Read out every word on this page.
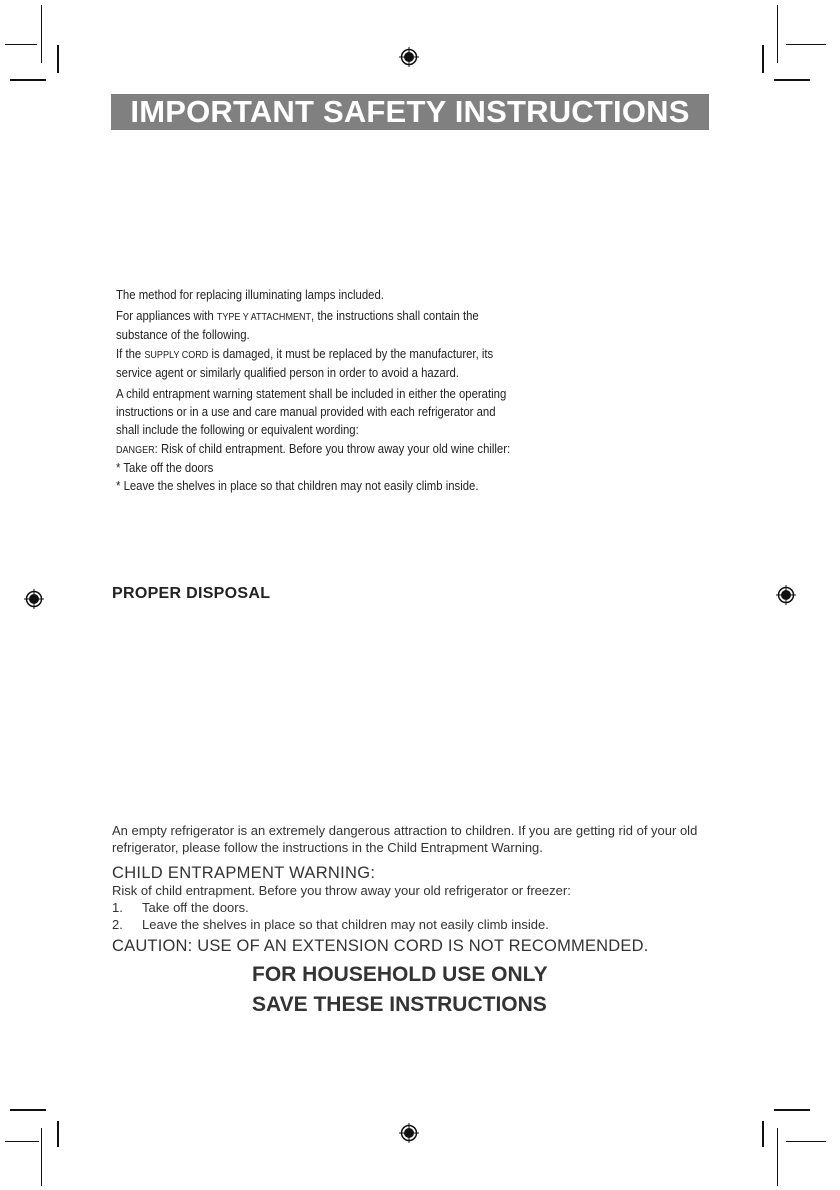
IMPORTANT SAFETY INSTRUCTIONS

The method for replacing illuminating lamps included.

For appliances with TYPE Y ATTACHMENT, the instructions shall contain the substance of the following.

If the SUPPLY CORD is damaged, it must be replaced by the manufacturer, its service agent or similarly qualified person in order to avoid a hazard.

A child entrapment warning statement shall be included in either the operating instructions or in a use and care manual provided with each refrigerator and shall include the following or equivalent wording:

DANGER: Risk of child entrapment. Before you throw away your old wine chiller:

* Take off the doors

* Leave the shelves in place so that children may not easily climb inside.

PROPER DISPOSAL
An empty refrigerator is an extremely dangerous attraction to children. If you are getting rid of your old refrigerator, please follow the instructions in the Child Entrapment Warning.
CHILD ENTRAPMENT WARNING:
Risk of child entrapment. Before you throw away your old refrigerator or freezer:
1. Take off the doors.
2. Leave the shelves in place so that children may not easily climb inside.
CAUTION: USE OF AN EXTENSION CORD IS NOT RECOMMENDED.
FOR HOUSEHOLD USE ONLY
SAVE THESE INSTRUCTIONS
